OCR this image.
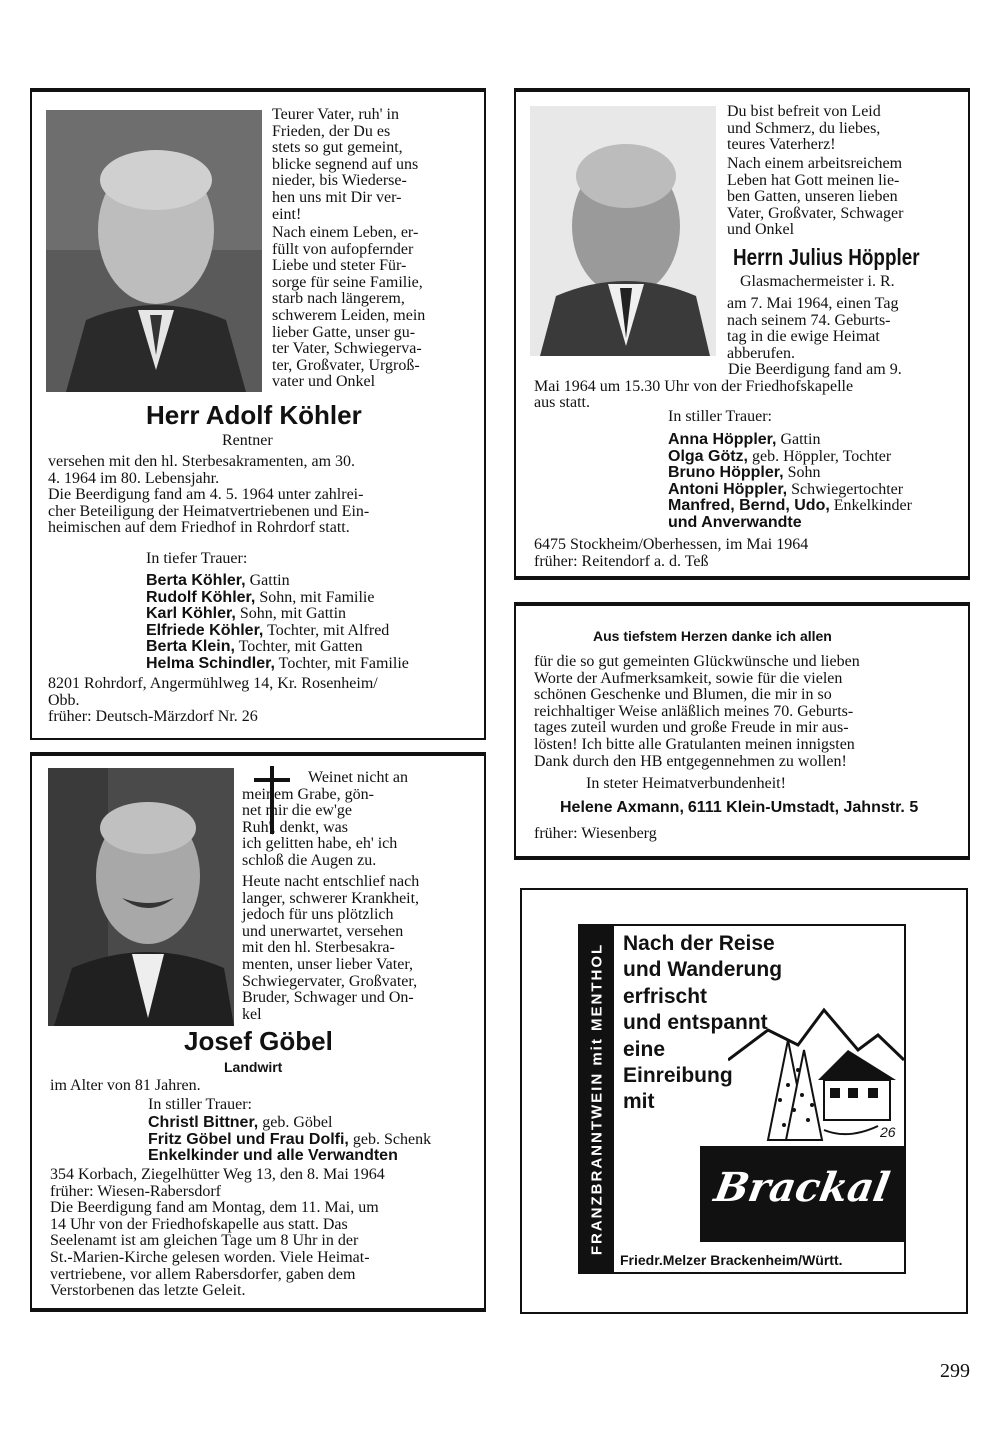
Teurer Vater, ruh' in
Frieden, der Du es
stets so gut gemeint,
blicke segnend auf uns
nieder, bis Wiederse-
hen uns mit Dir ver-
eint!

Nach einem Leben, er-
füllt von aufopfernder
Liebe und steter Für-
sorge für seine Familie,
starb nach längerem,
schwerem Leiden, mein
lieber Gatte, unser gu-
ter Vater, Schwiegerva-
ter, Großvater, Urgroß-
vater und Onkel

Herr Adolf Köhler
Rentner

versehen mit den hl. Sterbesakramenten, am 30.
4. 1964 im 80. Lebensjahr.
Die Beerdigung fand am 4. 5. 1964 unter zahlrei-
cher Beteiligung der Heimatvertriebenen und Ein-
heimischen auf dem Friedhof in Rohrdorf statt.

In tiefer Trauer:
Berta Köhler, Gattin
Rudolf Köhler, Sohn, mit Familie
Karl Köhler, Sohn, mit Gattin
Elfriede Köhler, Tochter, mit Alfred
Berta Klein, Tochter, mit Gatten
Helma Schindler, Tochter, mit Familie

8201 Rohrdorf, Angermühlweg 14, Kr. Rosenheim/
Obb.
früher: Deutsch-Märzdorf Nr. 26

Du bist befreit von Leid
und Schmerz, du liebes,
teures Vaterherz!

Nach einem arbeitsreichem
Leben hat Gott meinen lie-
ben Gatten, unseren lieben
Vater, Großvater, Schwager
und Onkel

Herrn Julius Höppler
Glasmachermeister i. R.

am 7. Mai 1964, einen Tag
nach seinem 74. Geburts-
tag in die ewige Heimat
abberufen.

Die Beerdigung fand am 9.
Mai 1964 um 15.30 Uhr von der Friedhofskapelle
aus statt.

In stiller Trauer:
Anna Höppler, Gattin
Olga Götz, geb. Höppler, Tochter
Bruno Höppler, Sohn
Antoni Höppler, Schwiegertochter
Manfred, Bernd, Udo, Enkelkinder
und Anverwandte

6475 Stockheim/Oberhessen, im Mai 1964
früher: Reitendorf a. d. Teß

Aus tiefstem Herzen danke ich allen

für die so gut gemeinten Glückwünsche und lieben
Worte der Aufmerksamkeit, sowie für die vielen
schönen Geschenke und Blumen, die mir in so
reichhaltiger Weise anläßlich meines 70. Geburts-
tages zuteil wurden und große Freude in mir aus-
lösten! Ich bitte alle Gratulanten meinen innigsten
Dank durch den HB entgegennehmen zu wollen!

In steter Heimatverbundenheit!
Helene Axmann, 6111 Klein-Umstadt, Jahnstr. 5
früher: Wiesenberg

Weinet nicht an
meinem Grabe, gön-
net mir die ew'ge
Ruh', denkt, was
ich gelitten habe, eh' ich
schloß die Augen zu.

Heute nacht entschlief nach
langer, schwerer Krankheit,
jedoch für uns plötzlich
und unerwartet, versehen
mit den hl. Sterbesakra-
menten, unser lieber Vater,
Schwiegervater, Großvater,
Bruder, Schwager und On-
kel

Josef Göbel
Landwirt
im Alter von 81 Jahren.
In stiller Trauer:
Christl Bittner, geb. Göbel
Fritz Göbel und Frau Dolfi, geb. Schenk
Enkelkinder und alle Verwandten

354 Korbach, Ziegelhütter Weg 13, den 8. Mai 1964
früher: Wiesen-Rabersdorf
Die Beerdigung fand am Montag, dem 11. Mai, um
14 Uhr von der Friedhofskapelle aus statt. Das
Seelenamt ist am gleichen Tage um 8 Uhr in der
St.-Marien-Kirche gelesen worden. Viele Heimat-
vertriebene, vor allem Rabersdorfer, gaben dem
Verstorbenen das letzte Geleit.

FRANZBRANNTWEIN mit MENTHOL Nach der Reise
und Wanderung
erfrischt
und entspannt
eine
Einreibung
mit

26
Brackal
Friedr.Melzer Brackenheim/Württ.
299
